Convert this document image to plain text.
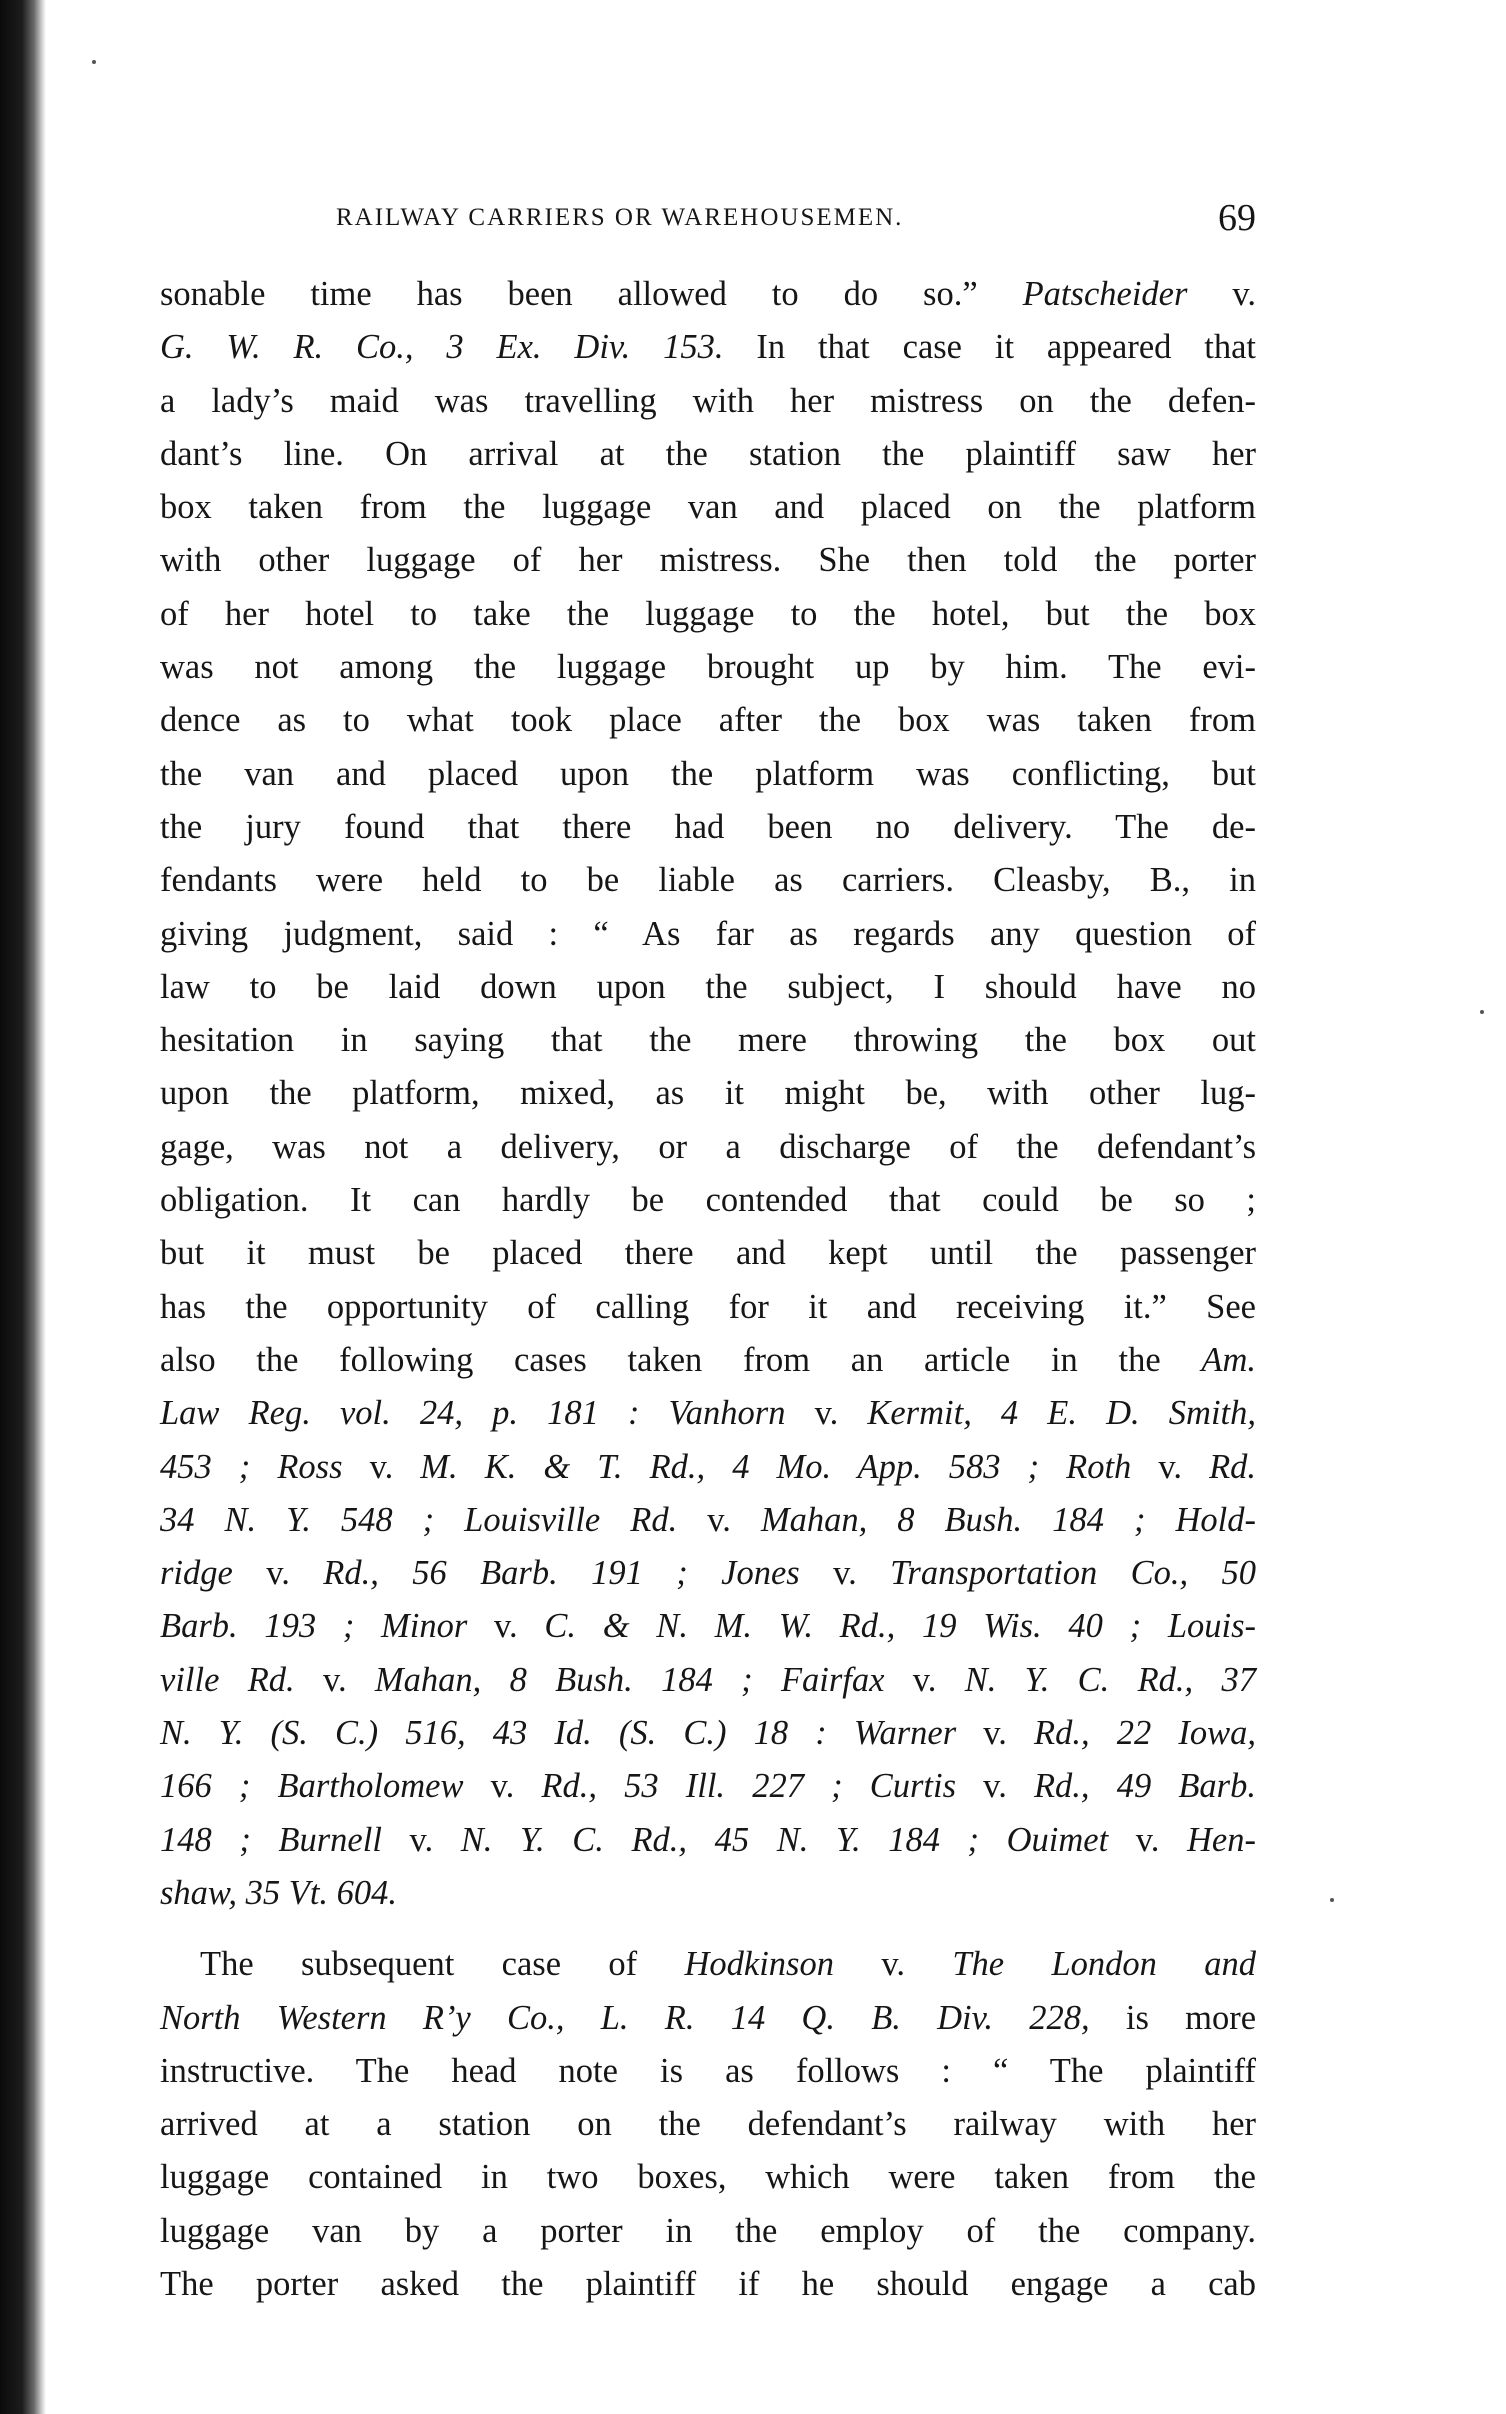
RAILWAY CARRIERS OR WAREHOUSEMEN.	69
sonable time has been allowed to do so.” Patscheider v.
G. W. R. Co., 3 Ex. Div. 153. In that case it appeared that
a lady’s maid was travelling with her mistress on the defen-
dant’s line. On arrival at the station the plaintiff saw her
box taken from the luggage van and placed on the platform
with other luggage of her mistress. She then told the porter
of her hotel to take the luggage to the hotel, but the box
was not among the luggage brought up by him. The evi-
dence as to what took place after the box was taken from
the van and placed upon the platform was conflicting, but
the jury found that there had been no delivery. The de-
fendants were held to be liable as carriers. Cleasby, B., in
giving judgment, said : “ As far as regards any question of
law to be laid down upon the subject, I should have no
hesitation in saying that the mere throwing the box out
upon the platform, mixed, as it might be, with other lug-
gage, was not a delivery, or a discharge of the defendant’s
obligation. It can hardly be contended that could be so ;
but it must be placed there and kept until the passenger
has the opportunity of calling for it and receiving it.” See
also the following cases taken from an article in the Am.
Law Reg. vol. 24, p. 181 : Vanhorn v. Kermit, 4 E. D. Smith,
453 ; Ross v. M. K. & T. Rd., 4 Mo. App. 583 ; Roth v. Rd.
34 N. Y. 548 ; Louisville Rd. v. Mahan, 8 Bush. 184 ; Hold-
ridge v. Rd., 56 Barb. 191 ; Jones v. Transportation Co., 50
Barb. 193 ; Minor v. C. & N. M. W. Rd., 19 Wis. 40 ; Louis-
ville Rd. v. Mahan, 8 Bush. 184 ; Fairfax v. N. Y. C. Rd., 37
N. Y. (S. C.) 516, 43 Id. (S. C.) 18 : Warner v. Rd., 22 Iowa,
166 ; Bartholomew v. Rd., 53 Ill. 227 ; Curtis v. Rd., 49 Barb.
148 ; Burnell v. N. Y. C. Rd., 45 N. Y. 184 ; Ouimet v. Hen-
shaw, 35 Vt. 604.
The subsequent case of Hodkinson v. The London and
North Western R’y Co., L. R. 14 Q. B. Div. 228, is more
instructive. The head note is as follows : “ The plaintiff
arrived at a station on the defendant’s railway with her
luggage contained in two boxes, which were taken from the
luggage van by a porter in the employ of the company.
The porter asked the plaintiff if he should engage a cab
